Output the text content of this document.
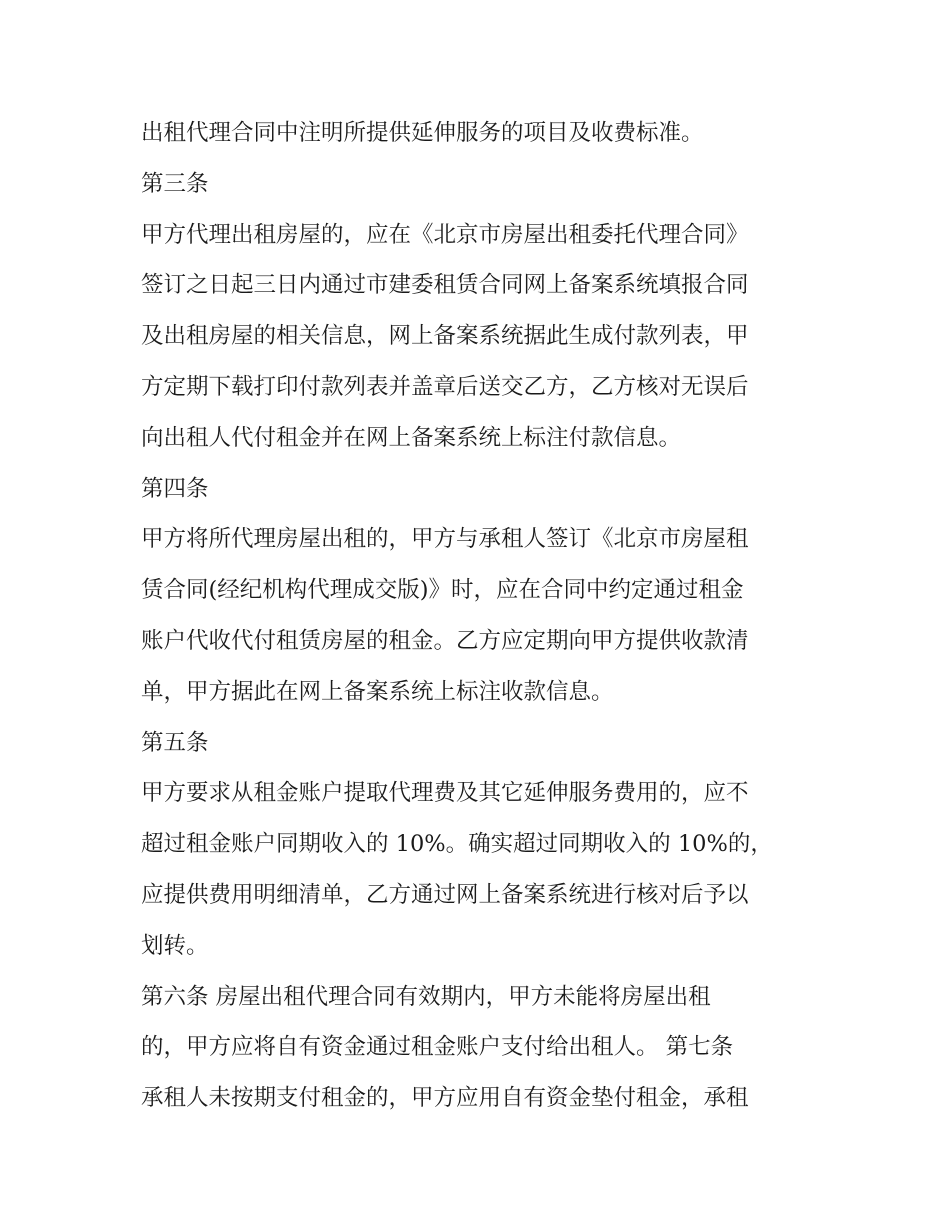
出租代理合同中注明所提供延伸服务的项目及收费标准。
第三条
甲方代理出租房屋的，应在《北京市房屋出租委托代理合同》
签订之日起三日内通过市建委租赁合同网上备案系统填报合同
及出租房屋的相关信息，网上备案系统据此生成付款列表，甲
方定期下载打印付款列表并盖章后送交乙方，乙方核对无误后
向出租人代付租金并在网上备案系统上标注付款信息。
第四条
甲方将所代理房屋出租的，甲方与承租人签订《北京市房屋租
赁合同(经纪机构代理成交版)》时，应在合同中约定通过租金
账户代收代付租赁房屋的租金。乙方应定期向甲方提供收款清
单，甲方据此在网上备案系统上标注收款信息。
第五条
甲方要求从租金账户提取代理费及其它延伸服务费用的，应不
超过租金账户同期收入的 10%。确实超过同期收入的 10%的，
应提供费用明细清单，乙方通过网上备案系统进行核对后予以
划转。
第六条 房屋出租代理合同有效期内，甲方未能将房屋出租
的，甲方应将自有资金通过租金账户支付给出租人。 第七条
承租人未按期支付租金的，甲方应用自有资金垫付租金，承租
